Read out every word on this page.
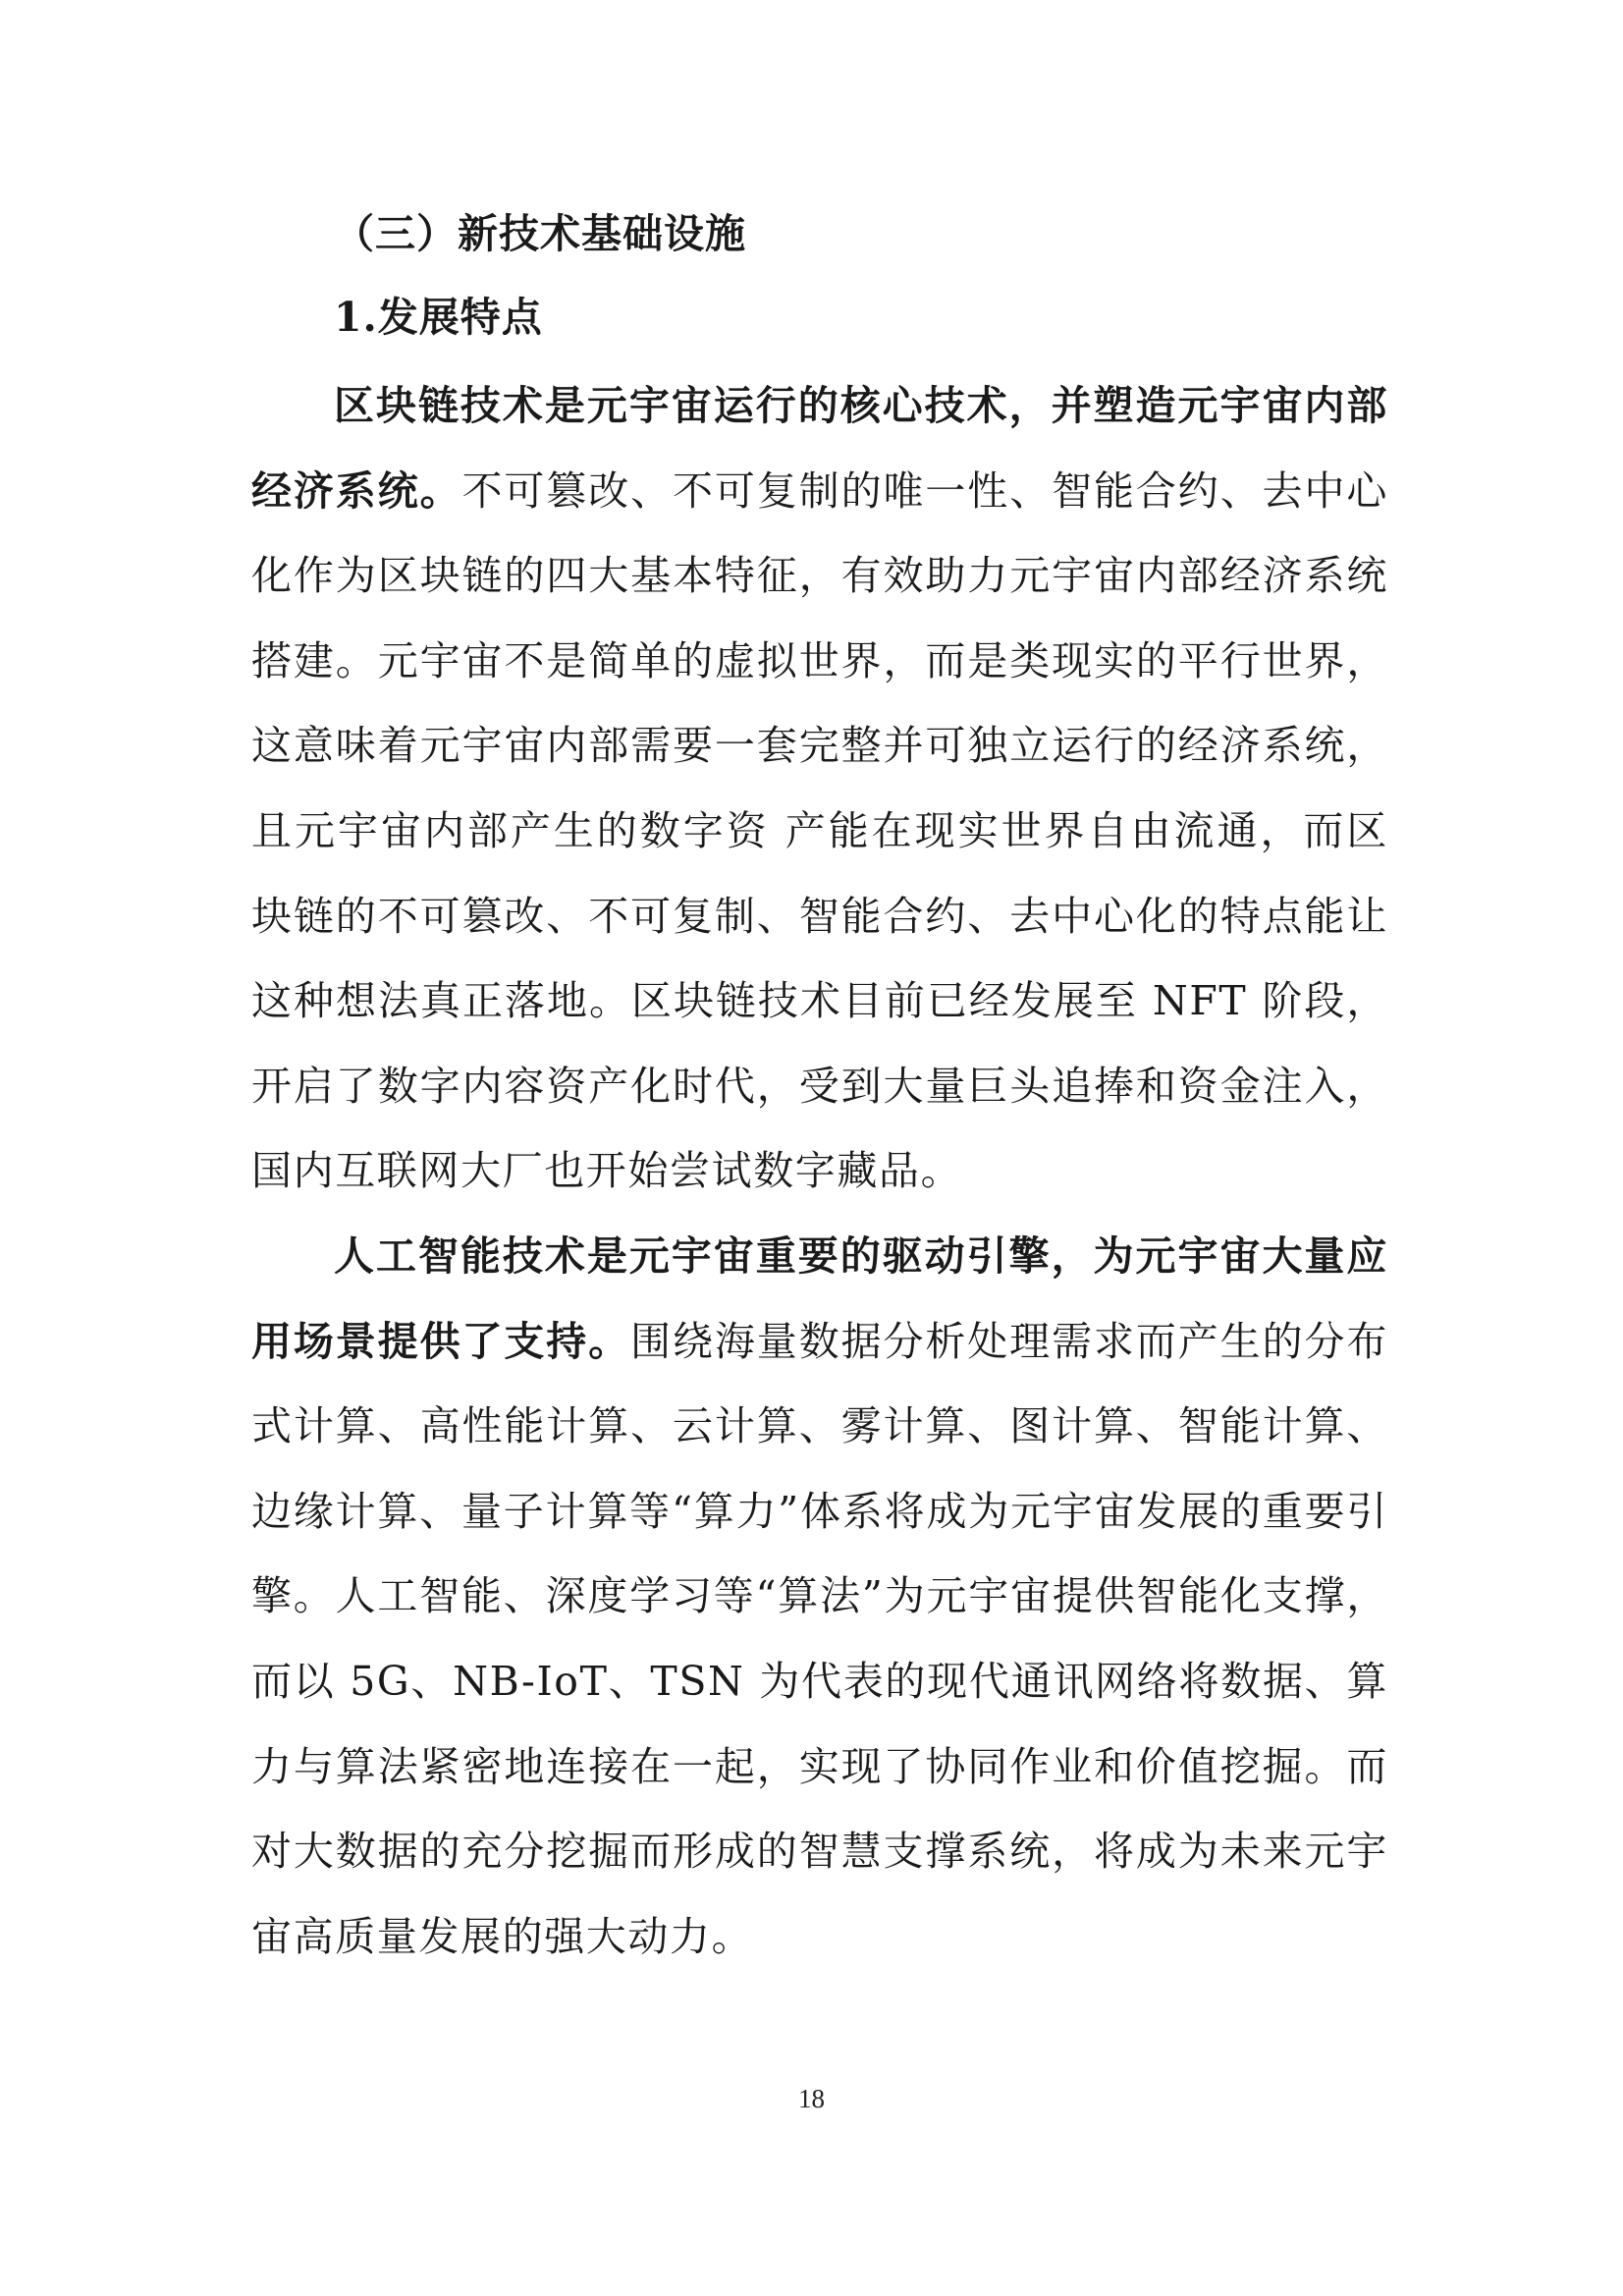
（三）新技术基础设施
1.发展特点

区块链技术是元宇宙运行的核心技术，并塑造元宇宙内部经济系统。不可篡改、不可复制的唯一性、智能合约、去中心化作为区块链的四大基本特征，有效助力元宇宙内部经济系统搭建。元宇宙不是简单的虚拟世界，而是类现实的平行世界，这意味着元宇宙内部需要一套完整并可独立运行的经济系统，且元宇宙内部产生的数字资 产能在现实世界自由流通，而区块链的不可篡改、不可复制、智能合约、去中心化的特点能让这种想法真正落地。区块链技术目前已经发展至 NFT 阶段，开启了数字内容资产化时代，受到大量巨头追捧和资金注入，国内互联网大厂也开始尝试数字藏品。

人工智能技术是元宇宙重要的驱动引擎，为元宇宙大量应用场景提供了支持。围绕海量数据分析处理需求而产生的分布式计算、高性能计算、云计算、雾计算、图计算、智能计算、边缘计算、量子计算等“算力”体系将成为元宇宙发展的重要引擎。人工智能、深度学习等“算法”为元宇宙提供智能化支撑，而以 5G、NB-IoT、TSN 为代表的现代通讯网络将数据、算力与算法紧密地连接在一起，实现了协同作业和价值挖掘。而对大数据的充分挖掘而形成的智慧支撑系统，将成为未来元宇宙高质量发展的强大动力。

18
